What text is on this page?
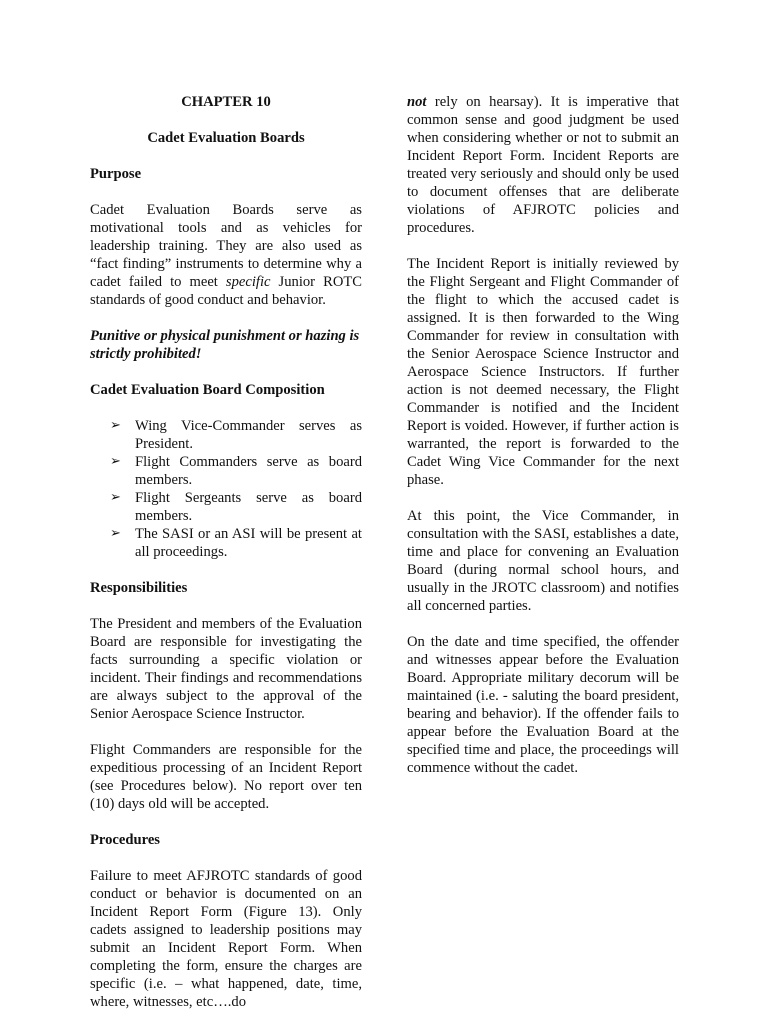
CHAPTER 10
Cadet Evaluation Boards
Purpose

Cadet Evaluation Boards serve as motivational tools and as vehicles for leadership training. They are also used as “fact finding” instruments to determine why a cadet failed to meet specific Junior ROTC standards of good conduct and behavior.

Punitive or physical punishment or hazing is strictly prohibited!
Cadet Evaluation Board Composition
➢ Wing Vice-Commander serves as President.
➢ Flight Commanders serve as board members.
➢ Flight Sergeants serve as board members.
➢ The SASI or an ASI will be present at all proceedings.
Responsibilities

The President and members of the Evaluation Board are responsible for investigating the facts surrounding a specific violation or incident. Their findings and recommendations are always subject to the approval of the Senior Aerospace Science Instructor.

Flight Commanders are responsible for the expeditious processing of an Incident Report (see Procedures below). No report over ten (10) days old will be accepted.

Procedures

Failure to meet AFJROTC standards of good conduct or behavior is documented on an Incident Report Form (Figure 13). Only cadets assigned to leadership positions may submit an Incident Report Form. When completing the form, ensure the charges are specific (i.e. – what happened, date, time, where, witnesses, etc….do

not rely on hearsay). It is imperative that common sense and good judgment be used when considering whether or not to submit an Incident Report Form. Incident Reports are treated very seriously and should only be used to document offenses that are deliberate violations of AFJROTC policies and procedures.

The Incident Report is initially reviewed by the Flight Sergeant and Flight Commander of the flight to which the accused cadet is assigned. It is then forwarded to the Wing Commander for review in consultation with the Senior Aerospace Science Instructor and Aerospace Science Instructors. If further action is not deemed necessary, the Flight Commander is notified and the Incident Report is voided. However, if further action is warranted, the report is forwarded to the Cadet Wing Vice Commander for the next phase.

At this point, the Vice Commander, in consultation with the SASI, establishes a date, time and place for convening an Evaluation Board (during normal school hours, and usually in the JROTC classroom) and notifies all concerned parties.

On the date and time specified, the offender and witnesses appear before the Evaluation Board. Appropriate military decorum will be maintained (i.e. - saluting the board president, bearing and behavior). If the offender fails to appear before the Evaluation Board at the specified time and place, the proceedings will commence without the cadet.
